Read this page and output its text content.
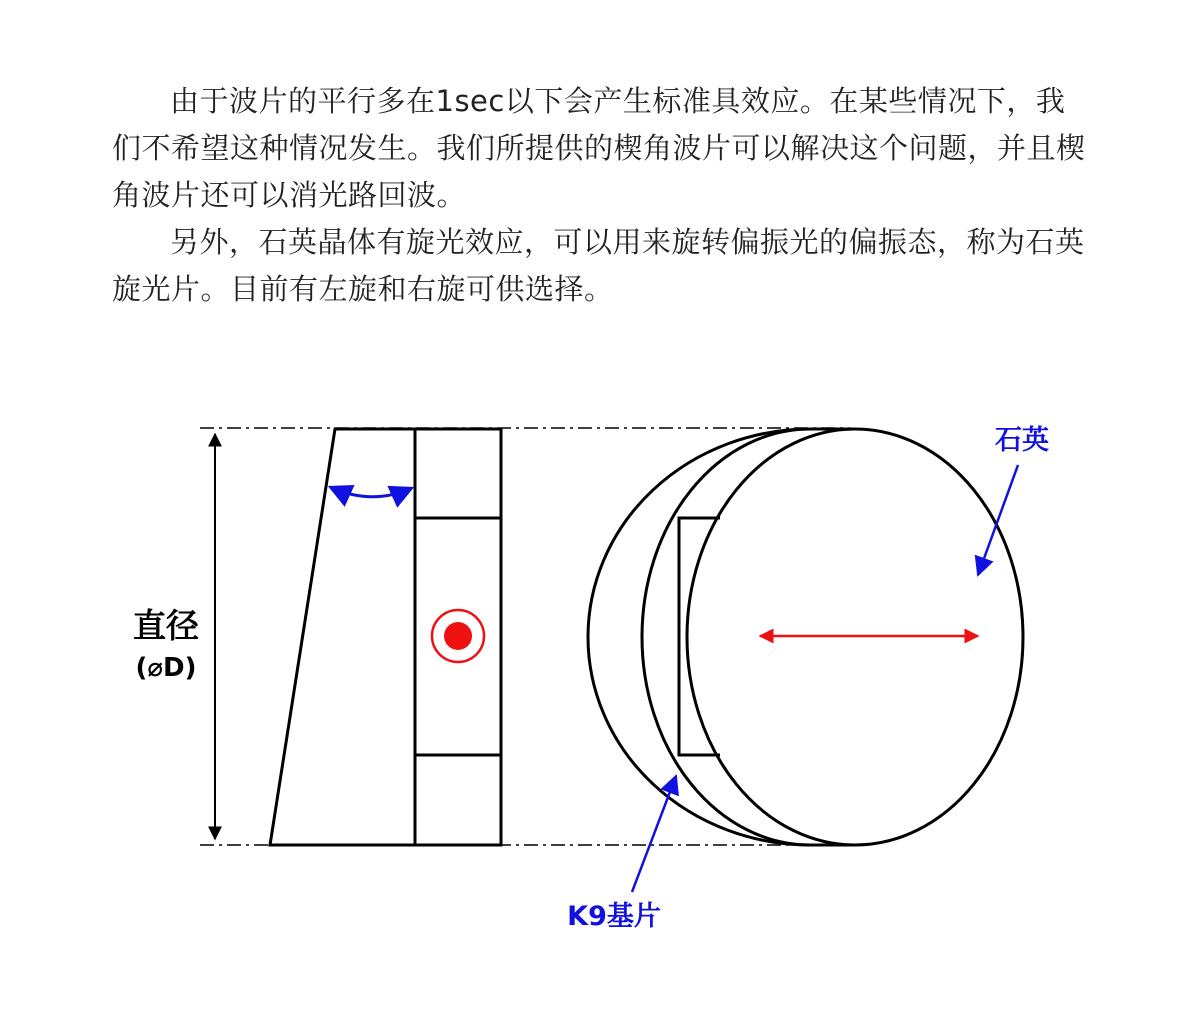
由于波片的平行多在1sec以下会产生标准具效应。在某些情况下，我们不希望这种情况发生。我们所提供的楔角波片可以解决这个问题，并且楔角波片还可以消光路回波。

另外，石英晶体有旋光效应，可以用来旋转偏振光的偏振态，称为石英旋光片。目前有左旋和右旋可供选择。

直径
(⌀D)
石英
K9基片
